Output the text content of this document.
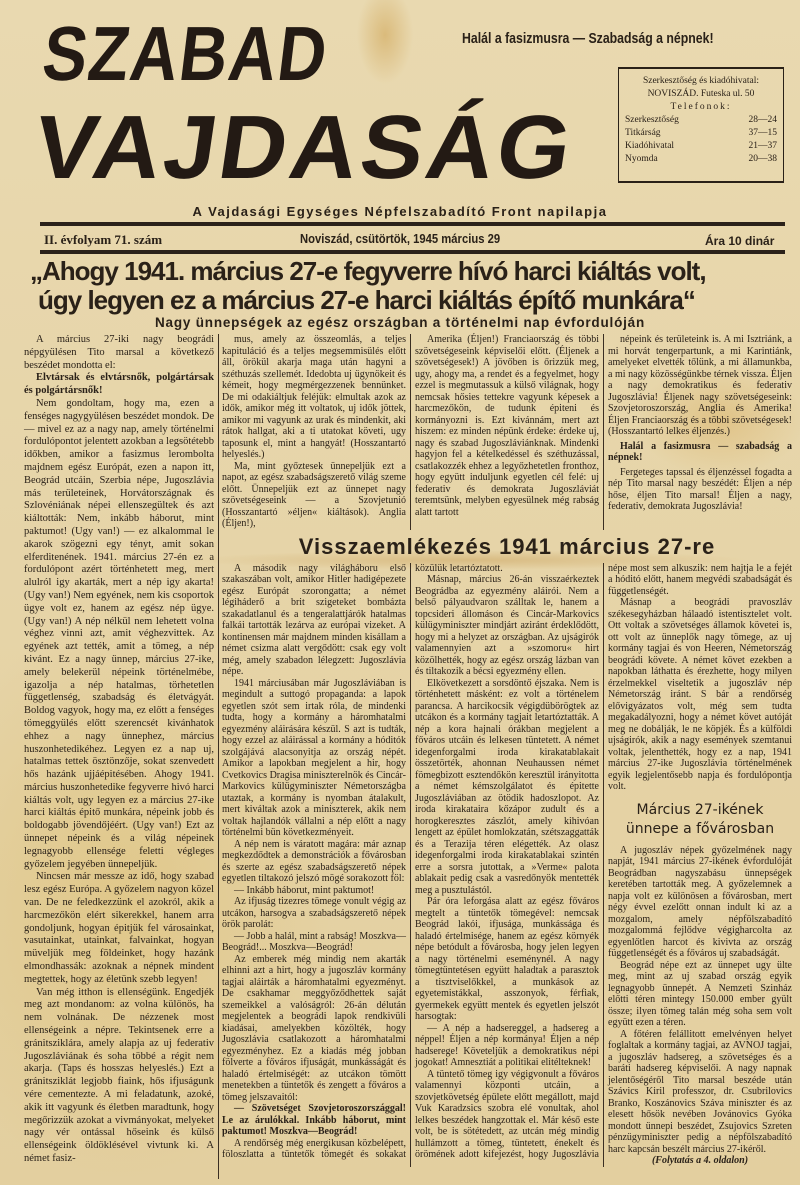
SZABAD
VAJDASÁG
Halál a fasizmusra — Szabadság a népnek!
Szerkesztőség és kiadóhivatal:
NOVISZÁD. Futeska ul. 50
Telefonok:
Szerkesztőség	28—24
Titkárság	37—15
Kiadóhivatal	21—37
Nyomda	20—38
A Vajdasági Egységes Népfelszabadító Front napilapja
II. évfolyam 71. szám	Noviszád, csütörtök, 1945 március 29	Ára 10 dinár
„Ahogy 1941. március 27-e fegyverre hívó harci kiáltás volt,
úgy legyen ez a március 27-e harci kiáltás építő munkára“
Nagy ünnepségek az egész országban a történelmi nap évfordulóján

A március 27-iki nagy beográdi népgyülésen Tito marsal a következő beszédet mondotta el:

Elvtársak és elvtársnők, polgártársak és polgártársnők!

Nem gondoltam, hogy ma, ezen a fenséges nagygyülésen beszédet mondok. De — mivel ez az a nagy nap, amely történelmi fordulópontot jelentett azokban a legsötétebb időkben, amikor a fasizmus lerombolta majdnem egész Európát, ezen a napon itt, Beográd utcáin, Szerbia népe, Jugoszlávia más területeinek, Horvátországnak és Szlovéniának népei ellenszegültek és azt kiáltották: Nem, inkább háborut, mint paktumot! (Ugy van!) — ez alkalommal le akarok szögezni egy tényt, amit sokan elferditenének. 1941. március 27-én ez a fordulópont azért történhetett meg, mert alulról igy akarták, mert a nép igy akarta! (Ugy van!) Nem egyének, nem kis csoportok ügye volt ez, hanem az egész nép ügye. (Ugy van!) A nép nélkül nem lehetett volna véghez vinni azt, amit véghezvittek. Az egyének azt tették, amit a tömeg, a nép kivánt. Ez a nagy ünnep, március 27-ike, amely belekerül népeink történelmébe, igazolja a nép hatalmas, törhetetlen függetlenség, szabadság és életvágyát. Boldog vagyok, hogy ma, ez előtt a fenséges tömeggyülés előtt szerencsét kivánhatok ehhez a nagy ünnephez, március huszonhetedikéhez. Legyen ez a nap uj, hatalmas tettek ösztönzője, sokat szenvedett hős hazánk ujjáépitésében. Ahogy 1941. március huszonhetedike fegyverre hivó harci kiáltás volt, ugy legyen ez a március 27-ike harci kiáltás épitő munkára, népeink jobb és boldogabb jövendőjéért. (Ugy van!) Ezt az ünnepet népeink és a világ népeinek legnagyobb ellensége feletti végleges győzelem jegyében ünnepeljük.

Nincsen már messze az idő, hogy szabad lesz egész Európa. A győzelem nagyon közel van. De ne feledkezzünk el azokról, akik a harcmezőkön elért sikerekkel, hanem arra gondoljunk, hogyan épitjük fel városainkat, vasutainkat, utainkat, falvainkat, hogyan müveljük meg földeinket, hogy hazánk elmondhassák: azoknak a népnek mindent megtettek, hogy az életünk szebb legyen!

Van még itthon is ellenségünk. Engedjék meg azt mondanom: az volna különös, ha nem volnának. De nézzenek most ellenségeink a népre. Tekintsenek erre a gránitsziklára, amely alapja az uj federativ Jugoszláviának és soha többé a régit nem akarja. (Taps és hosszas helyeslés.) Ezt a gránitsziklát legjobb fiaink, hős ifjuságunk vére cementezte. A mi feladatunk, azoké, akik itt vagyunk és életben maradtunk, hogy megőrizzük azokat a vivmányokat, melyeket nagy vér ontással hőseink és külső ellenségeink öldöklésével vivtunk ki. A német fasiz-

mus, amely az összeomlás, a teljes kapituláció és a teljes megsemmisülés előtt áll, örökül akarja maga után hagyni a széthuzás szellemét. Idedobta uj ügynökeit és kémeit, hogy megmérgezzenek bennünket. De mi odakiáltjuk feléjük: elmultak azok az idők, amikor még itt voltatok, uj idők jöttek, amikor mi vagyunk az urak és mindenkit, aki rátok hallgat, aki a ti utatokat követi, ugy taposunk el, mint a hangyát! (Hosszantartó helyeslés.)

Ma, mint győztesek ünnepeljük ezt a napot, az egész szabadságszerető világ szeme előtt. Ünnepeljük ezt az ünnepet nagy szövetségeseink — a Szovjetunió (Hosszantartó »éljen« kiáltások). Anglia (Éljen!),

Amerika (Éljen!) Franciaország és többi szövetségeseink képviselői előtt. (Éljenek a szövetségesek!) A jövőben is őrizzük meg, ugy, ahogy ma, a rendet és a fegyelmet, hogy ezzel is megmutassuk a külső világnak, hogy nemcsak hősies tettekre vagyunk képesek a harcmezőkön, de tudunk épiteni és kormányozni is. Ezt kivánnám, mert azt hiszem: ez minden népünk érdeke: érdeke uj, nagy és szabad Jugoszláviánknak. Mindenki hagyjon fel a kételkedéssel és széthuzással, csatlakozzék ehhez a legyőzhetetlen fronthoz, hogy együtt induljunk egyetlen cél felé: uj federativ és demokrata Jugoszláviát teremtsünk, melyben egyesülnek még rabság alatt tartott

népeink és területeink is. A mi Isztriánk, a mi horvát tengerpartunk, a mi Karintiánk, amelyeket elvették tőlünk, a mi államunkba, a mi nagy közösségünkbe térnek vissza. Éljen a nagy demokratikus és federativ Jugoszlávia! Éljenek nagy szövetségeseink: Szovjetoroszország, Anglia és Amerika! Éljen Franciaország és a többi szövetségesek! (Hosszantartó lelkes éljenzés.)

Halál a fasizmusra — szabadság a népnek!

Fergeteges tapssal és éljenzéssel fogadta a nép Tito marsal nagy beszédét: Éljen a nép hőse, éljen Tito marsal! Éljen a nagy, federativ, demokrata Jugoszlávia!

Visszaemlékezés 1941 március 27-re

A második nagy világháboru első szakaszában volt, amikor Hitler hadigépezete egész Európát szorongatta; a német légiháderő a brit szigeteket bombázta szakadatlanul és a tengeralattjárók hatalmas falkái tartották lezárva az európai vizeket. A kontinensen már majdnem minden kisállam a német csizma alatt vergődött: csak egy volt még, amely szabadon lélegzett: Jugoszlávia népe.

1941 márciusában már Jugoszláviában is megindult a suttogó propaganda: a lapok egyetlen szót sem irtak róla, de mindenki tudta, hogy a kormány a háromhatalmi egyezmény aláirására készül. S azt is tudták, hogy ezzel az aláirással a kormány a hóditók szolgájává alacsonyitja az ország népét. Amikor a lapokban megjelent a hir, hogy Cvetkovics Dragisa miniszterelnök és Cincár-Markovics külügyminiszter Németországba utaztak, a kormány is nyomban átalakult, mert kiváltak azok a miniszterek, akik nem voltak hajlandók vállalni a nép előtt a nagy történelmi bün következményeit.

A nép nem is váratott magára: már aznap megkezdődtek a demonstrációk a fővárosban és szerte az egész szabadságszerető népek egyetlen tiltakozó jelszó mögé sorakozott föl:

— Inkább háborut, mint paktumot!

Az ifjuság tizezres tömege vonult végig az utcákon, harsogva a szabadságszerető népek örök parolát:

— Jobb a halál, mint a rabság! Moszkva—Beográd!... Moszkva—Beográd!

Az emberek még mindig nem akarták elhinni azt a hirt, hogy a jugoszláv kormány tagjai aláirták a háromhatalmi egyezményt. De csakhamar meggyőződhettek saját szemeikkel a valóságról: 26-án délután megjelentek a beográdi lapok rendkivüli kiadásai, amelyekben közölték, hogy Jugoszlávia csatlakozott a háromhatalmi egyezményhez. Ez a kiadás még jobban fölverte a főváros ifjuságát, munkásságát és haladó értelmiségét: az utcákon tömött menetekben a tüntetők és zengett a főváros a tömeg jelszavaitól:

— Szövetséget Szovjetoroszországgal! Le az árulókkal. Inkább háborut, mint paktumot! Moszkva—Beográd!

A rendőrség még energikusan közbelépett, föloszlatta a tüntetők tömegét és sokakat közülük letartóztatott.

Másnap, március 26-án visszaérkeztek Beográdba az egyezmény aláirói. Nem a belső pályaudvaron szálltak le, hanem a topcsideri állomáson és Cincár-Markovics külügyminiszter mindjárt aziránt érdeklődött, hogy mi a helyzet az országban. Az ujságirók valamennyien azt a »szomoru« hirt közölhették, hogy az egész ország lázban van és tiltakozik a bécsi egyezmény ellen.

Elkövetkezett a sorsdöntő éjszaka. Nem is történhetett másként: ez volt a történelem parancsa. A harcikocsik végigdübörögtek az utcákon és a kormány tagjait letartóztatták. A nép a kora hajnali órákban megjelent a főváros utcáin és lelkesen tüntetett. A német idegenforgalmi iroda kirakatablakait összetörték, ahonnan Neuhaussen német fömegbizott esztendőkön keresztül irányitotta a német kémszolgálatot és épitette Jugoszláviában az ötödik hadoszlopot. Az iroda kirakataira kőzápor zudult és a horogkeresztes zászlót, amely kihivóan lengett az épület homlokzatán, szétszaggatták és a Terazija téren elégették. Az olasz idegenforgalmi iroda kirakatablakai szintén erre a sorsra jutottak, a »Verme« palota ablakait pedig csak a vasredőnyök mentették meg a pusztulástól.

Pár óra leforgása alatt az egész főváros megtelt a tüntetők tömegével: nemcsak Beográd lakói, ifjusága, munkássága és haladó értelmisége, hanem az egész környék népe betódult a fővárosba, hogy jelen legyen a nagy történelmi eseménynél. A nagy tömegtüntetésen együtt haladtak a parasztok a tisztviselőkkel, a munkások az egyetemistákkal, asszonyok, férfiak, gyermekek együtt mentek és egyetlen jelszót harsogtak:

— A nép a hadsereggel, a hadsereg a néppel! Éljen a nép kormánya! Éljen a nép hadserege! Követeljük a demokratikus népi jogokat! Amnesztiát a politikai elitélteknek!

A tüntető tömeg igy végigvonult a főváros valamennyi központi utcáin, a szovjetkövetség épülete előtt megállott, majd Vuk Karadzsics szobra elé vonultak, ahol lelkes beszédek hangzottak el. Már késő este volt, be is sötétedett, az utcán még mindig hullámzott a tömeg, tüntetett, énekelt és örömének adott kifejezést, hogy Jugoszlávia népe most sem alkuszik: nem hajtja le a fejét a hóditó előtt, hanem megvédi szabadságát és függetlenségét.

Másnap a beográdi pravoszláv székesegyházban hálaadó istentisztelet volt. Ott voltak a szövetséges államok követei is, ott volt az ünneplők nagy tömege, az uj kormány tagjai és von Heeren, Németország beográdi követe. A német követ ezekben a napokban láthatta és érezhette, hogy milyen érzelmekkel viseltetik a jugoszláv nép Németország iránt. S bár a rendőrség elővigyázatos volt, még sem tudta megakadályozni, hogy a német követ autóját meg ne dobálják, le ne köpjék. És a külföldi ujságirók, akik a nagy események szemtanui voltak, jelenthették, hogy ez a nap, 1941 március 27-ike Jugoszlávia történelmének egyik legjelentősebb napja és fordulópontja volt.

Március 27-ikének
ünnepe a fővárosban

A jugoszláv népek győzelmének nagy napját, 1941 március 27-ikének évfordulóját Beográdban nagyszabásu ünnepségek keretében tartották meg. A győzelemnek a napja volt ez különösen a fővárosban, mert négy évvel ezelőtt onnan indult ki az a mozgalom, amely népfölszabadító mozgalommá fejlődve végigharcolta az egyenlőtlen harcot és kivivta az ország függetlenségét és a főváros uj szabadságát.

Beográd népe ezt az ünnepet ugy ülte meg, mint az uj szabad ország egyik legnagyobb ünnepét. A Nemzeti Szinház előtti téren mintegy 150.000 ember gyült össze; ilyen tömeg talán még soha sem volt együtt ezen a téren.

A főtéren felállitott emelvényen helyet foglaltak a kormány tagjai, az AVNOJ tagjai, a jugoszláv hadsereg, a szövetséges és a baráti hadsereg képviselői. A nagy napnak jelentőségéről Tito marsal beszéde után Szávics Kiril professzor, dr. Csubrilovics Branko, Koszánovics Száva miniszter és az elesett hősök nevében Jovánovics Gyóka mondott ünnepi beszédet, Zsujovics Szreten pénzügyminiszter pedig a népfölszabadító harc kapcsán beszélt március 27-ikéről.

(Folytatás a 4. oldalon)
